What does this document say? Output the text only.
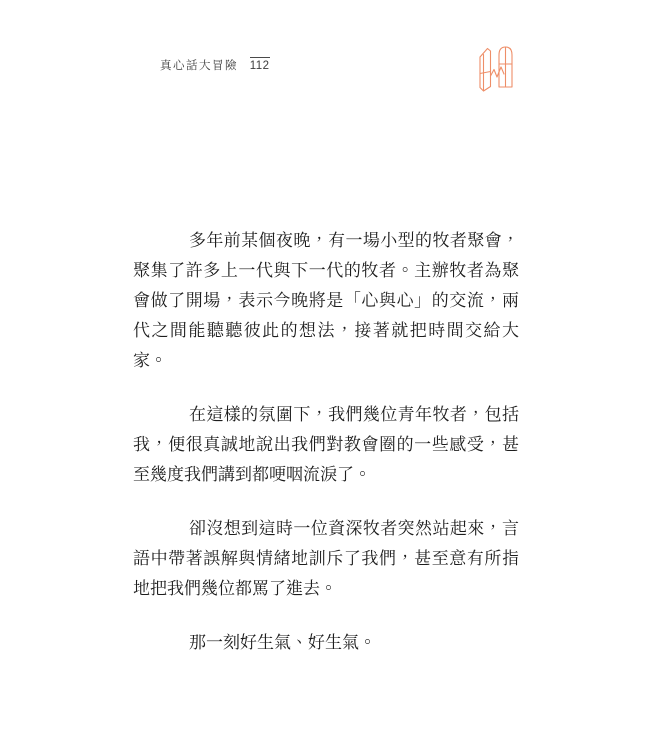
真心話大冒險 112

多年前某個夜晚，有一場小型的牧者聚會，聚集了許多上一代與下一代的牧者。主辦牧者為聚會做了開場，表示今晚將是「心與心」的交流，兩代之間能聽聽彼此的想法，接著就把時間交給大家。

在這樣的氛圍下，我們幾位青年牧者，包括我，便很真誠地說出我們對教會圈的一些感受，甚至幾度我們講到都哽咽流淚了。

卻沒想到這時一位資深牧者突然站起來，言語中帶著誤解與情緒地訓斥了我們，甚至意有所指地把我們幾位都罵了進去。

那一刻好生氣、好生氣。
